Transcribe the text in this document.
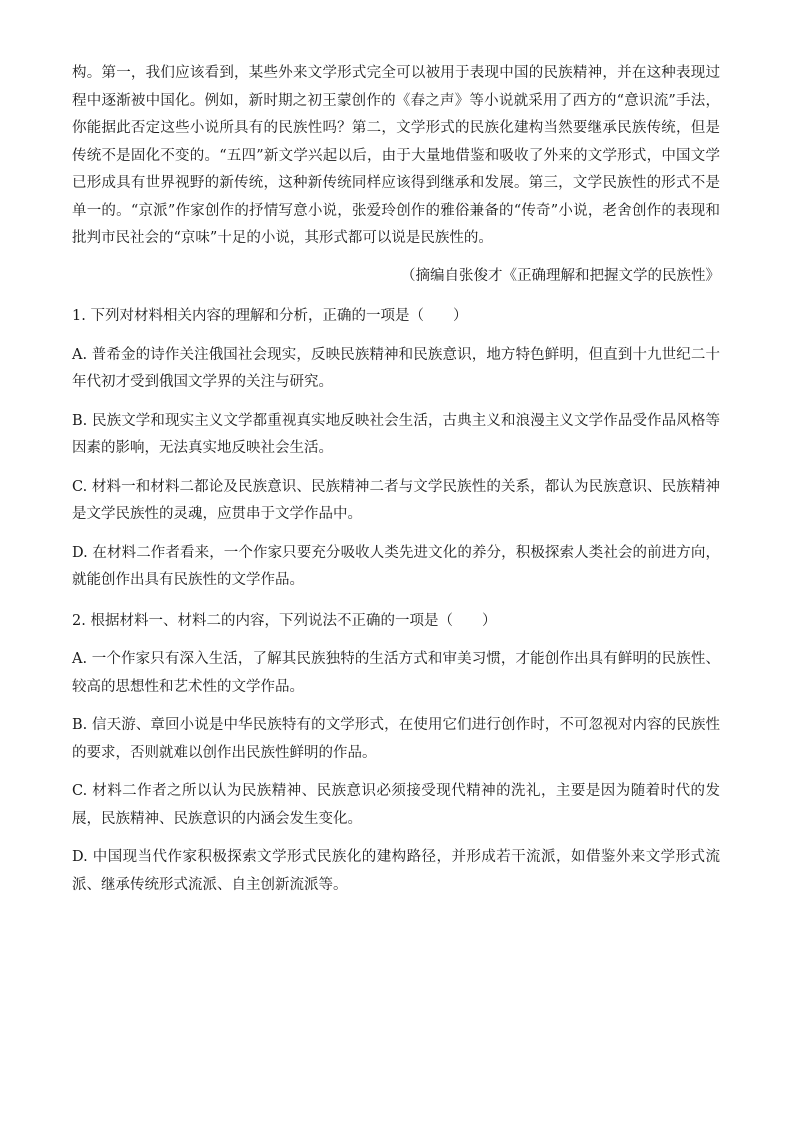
构。第一，我们应该看到，某些外来文学形式完全可以被用于表现中国的民族精神，并在这种表现过程中逐渐被中国化。例如，新时期之初王蒙创作的《春之声》等小说就采用了西方的“意识流”手法，你能据此否定这些小说所具有的民族性吗？第二，文学形式的民族化建构当然要继承民族传统，但是传统不是固化不变的。“五四”新文学兴起以后，由于大量地借鉴和吸收了外来的文学形式，中国文学已形成具有世界视野的新传统，这种新传统同样应该得到继承和发展。第三，文学民族性的形式不是单一的。“京派”作家创作的抒情写意小说，张爱玲创作的雅俗兼备的“传奇”小说，老舍创作的表现和批判市民社会的“京味”十足的小说，其形式都可以说是民族性的。

（摘编自张俊才《正确理解和把握文学的民族性》

1. 下列对材料相关内容的理解和分析，正确的一项是（　　）

A. 普希金的诗作关注俄国社会现实，反映民族精神和民族意识，地方特色鲜明，但直到十九世纪二十年代初才受到俄国文学界的关注与研究。

B. 民族文学和现实主义文学都重视真实地反映社会生活，古典主义和浪漫主义文学作品受作品风格等因素的影响，无法真实地反映社会生活。

C. 材料一和材料二都论及民族意识、民族精神二者与文学民族性的关系，都认为民族意识、民族精神是文学民族性的灵魂，应贯串于文学作品中。

D. 在材料二作者看来，一个作家只要充分吸收人类先进文化的养分，积极探索人类社会的前进方向，就能创作出具有民族性的文学作品。

2. 根据材料一、材料二的内容，下列说法不正确的一项是（　　）

A. 一个作家只有深入生活，了解其民族独特的生活方式和审美习惯，才能创作出具有鲜明的民族性、较高的思想性和艺术性的文学作品。

B. 信天游、章回小说是中华民族特有的文学形式，在使用它们进行创作时，不可忽视对内容的民族性的要求，否则就难以创作出民族性鲜明的作品。

C. 材料二作者之所以认为民族精神、民族意识必须接受现代精神的洗礼，主要是因为随着时代的发展，民族精神、民族意识的内涵会发生变化。

D. 中国现当代作家积极探索文学形式民族化的建构路径，并形成若干流派，如借鉴外来文学形式流派、继承传统形式流派、自主创新流派等。
